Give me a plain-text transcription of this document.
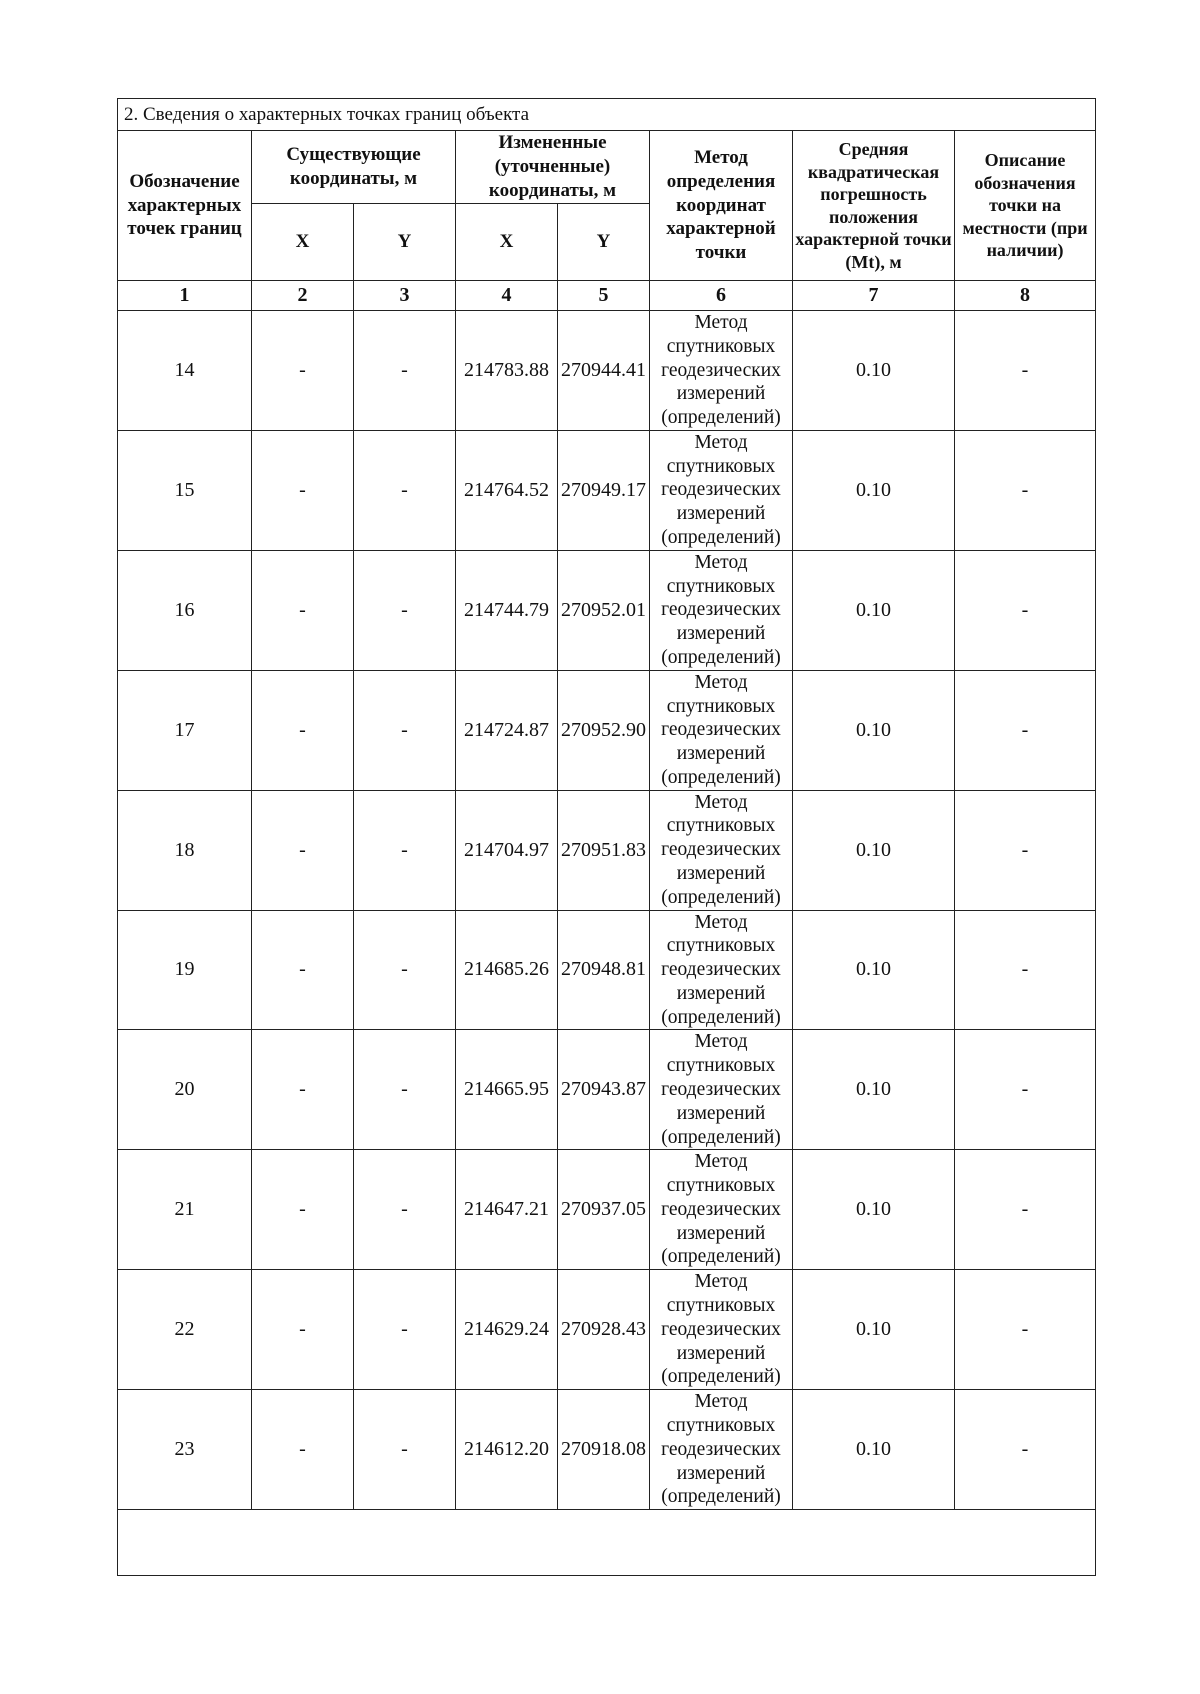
2. Сведения о характерных точках границ объекта							
Обозначение характерных точек границ	Существующие координаты, м		Измененные (уточненные) координаты, м		Метод определения координат характерной точки	Средняя квадратическая погрешность положения характерной точки (Mt), м	Описание обозначения точки на местности (при наличии)
	X	Y	X	Y			
1	2	3	4	5	6	7	8
14	-	-	214783.88	270944.41	Метод спутниковых геодезических измерений (определений)	0.10	-
15	-	-	214764.52	270949.17	Метод спутниковых геодезических измерений (определений)	0.10	-
16	-	-	214744.79	270952.01	Метод спутниковых геодезических измерений (определений)	0.10	-
17	-	-	214724.87	270952.90	Метод спутниковых геодезических измерений (определений)	0.10	-
18	-	-	214704.97	270951.83	Метод спутниковых геодезических измерений (определений)	0.10	-
19	-	-	214685.26	270948.81	Метод спутниковых геодезических измерений (определений)	0.10	-
20	-	-	214665.95	270943.87	Метод спутниковых геодезических измерений (определений)	0.10	-
21	-	-	214647.21	270937.05	Метод спутниковых геодезических измерений (определений)	0.10	-
22	-	-	214629.24	270928.43	Метод спутниковых геодезических измерений (определений)	0.10	-
23	-	-	214612.20	270918.08	Метод спутниковых геодезических измерений (определений)	0.10	-
